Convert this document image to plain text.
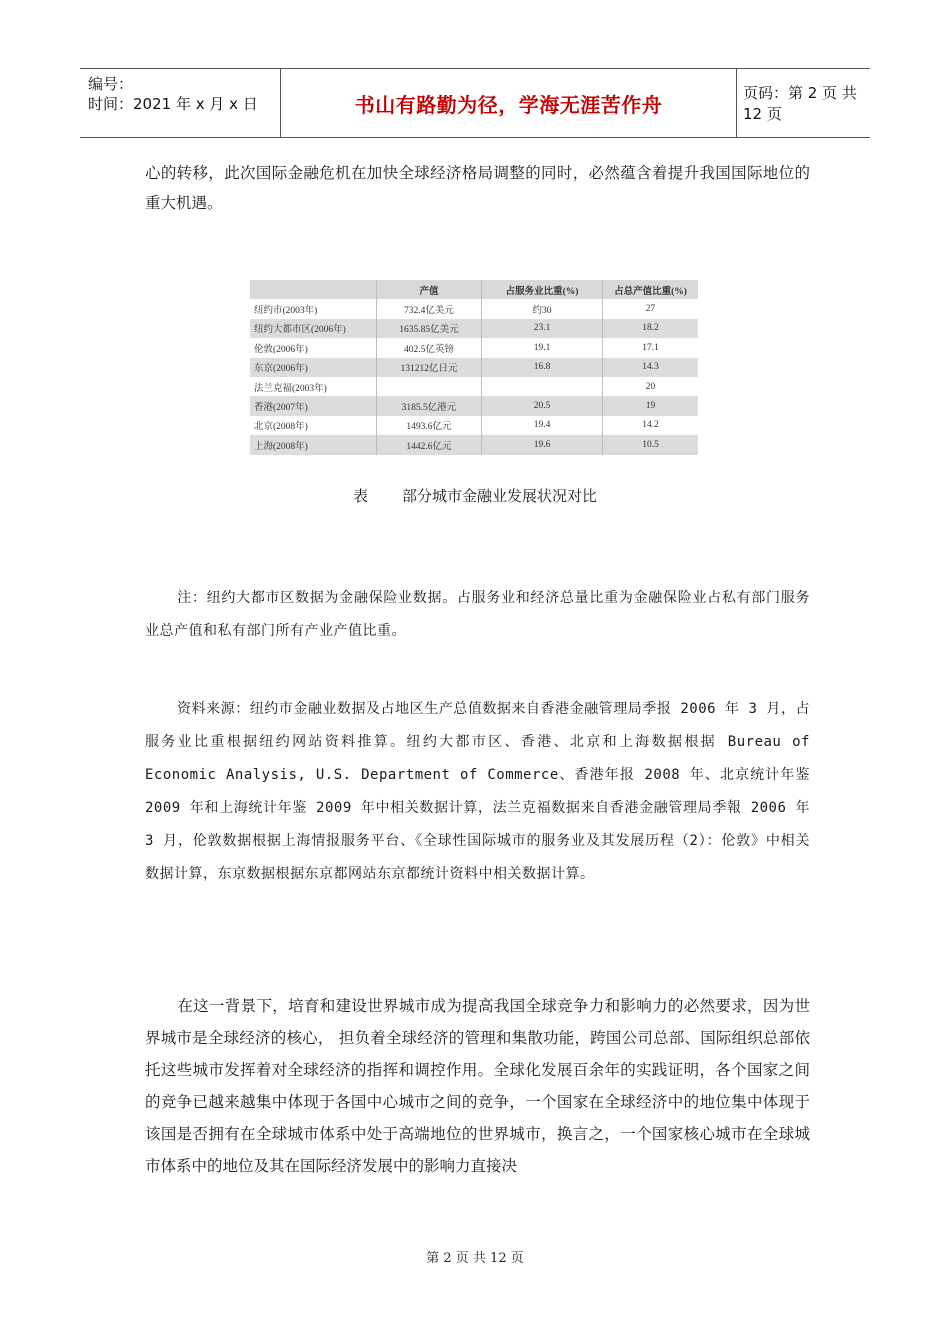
编号：
时间：2021 年 x 月 x 日	书山有路勤为径，学海无涯苦作舟	页码：第 2 页 共 12 页
心的转移，此次国际金融危机在加快全球经济格局调整的同时，必然蕴含着提升我国国际地位的重大机遇。
	产值	占服务业比重(%)	占总产值比重(%)
纽约市(2003年)	732.4亿美元	约30	27
纽约大都市区(2006年)	1635.85亿美元	23.1	18.2
伦敦(2006年)	402.5亿英镑	19.1	17.1
东京(2006年)	131212亿日元	16.8	14.3
法兰克福(2003年)			20
香港(2007年)	3185.5亿港元	20.5	19
北京(2008年)	1493.6亿元	19.4	14.2
上海(2008年)	1442.6亿元	19.6	10.5
表 部分城市金融业发展状况对比
注：纽约大都市区数据为金融保险业数据。占服务业和经济总量比重为金融保险业占私有部门服务业总产值和私有部门所有产业产值比重。
资料来源：纽约市金融业数据及占地区生产总值数据来自香港金融管理局季报 2006 年 3 月，占服务业比重根据纽约网站资料推算。纽约大都市区、香港、北京和上海数据根据 Bureau of Economic Analysis, U.S. Department of Commerce、香港年报 2008 年、北京统计年鉴 2009 年和上海统计年鉴 2009 年中相关数据计算，法兰克福数据来自香港金融管理局季報 2006 年 3 月，伦敦数据根据上海情报服务平台、《全球性国际城市的服务业及其发展历程（2）：伦敦》中相关数据计算，东京数据根据东京都网站东京都统计资料中相关数据计算。
在这一背景下，培育和建设世界城市成为提高我国全球竞争力和影响力的必然要求，因为世界城市是全球经济的核心， 担负着全球经济的管理和集散功能，跨国公司总部、国际组织总部依托这些城市发挥着对全球经济的指挥和调控作用。全球化发展百余年的实践证明，各个国家之间的竞争已越来越集中体现于各国中心城市之间的竞争，一个国家在全球经济中的地位集中体现于该国是否拥有在全球城市体系中处于高端地位的世界城市，换言之，一个国家核心城市在全球城市体系中的地位及其在国际经济发展中的影响力直接决
第 2 页 共 12 页
